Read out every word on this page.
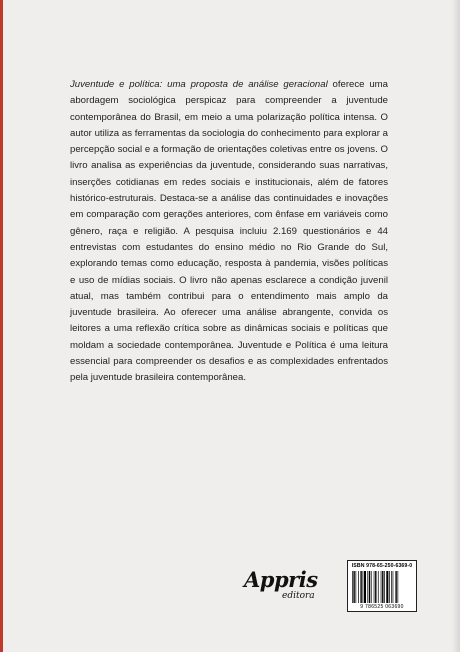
Juventude e política: uma proposta de análise geracional oferece uma abordagem sociológica perspicaz para compreender a juventude contemporânea do Brasil, em meio a uma polarização política intensa. O autor utiliza as ferramentas da sociologia do conhecimento para explorar a percepção social e a formação de orientações coletivas entre os jovens. O livro analisa as experiências da juventude, considerando suas narrativas, inserções cotidianas em redes sociais e institucionais, além de fatores histórico-estruturais. Destaca-se a análise das continuidades e inovações em comparação com gerações anteriores, com ênfase em variáveis como gênero, raça e religião. A pesquisa incluiu 2.169 questionários e 44 entrevistas com estudantes do ensino médio no Rio Grande do Sul, explorando temas como educação, resposta à pandemia, visões políticas e uso de mídias sociais. O livro não apenas esclarece a condição juvenil atual, mas também contribui para o entendimento mais amplo da juventude brasileira. Ao oferecer uma análise abrangente, convida os leitores a uma reflexão crítica sobre as dinâmicas sociais e políticas que moldam a sociedade contemporânea. Juventude e Política é uma leitura essencial para compreender os desafios e as complexidades enfrentados pela juventude brasileira contemporânea.
Appris
editora
ISBN 978-65-250-6369-0
9 786525 063690
